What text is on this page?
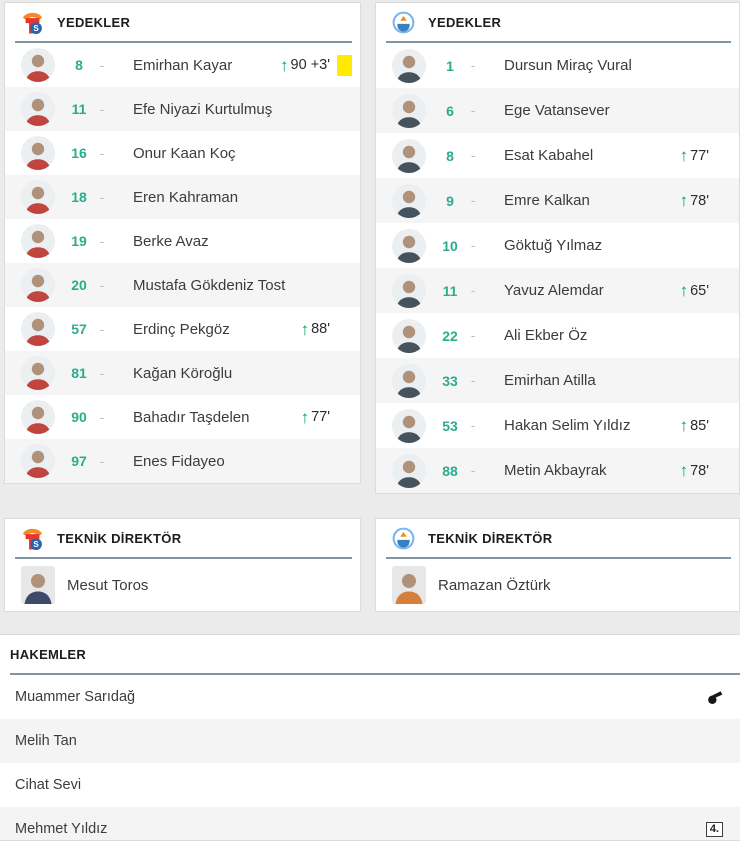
S YEDEKLER
8	- Emirhan Kayar	↑ 90 +3'
11	- Efe Niyazi Kurtulmuş
16	- Onur Kaan Koç
18	- Eren Kahraman
19	- Berke Avaz
20	- Mustafa Gökdeniz Tost
57	- Erdinç Pekgöz	↑ 88'
81	- Kağan Köroğlu
90	- Bahadır Taşdelen	↑ 77'
97	- Enes Fidayeo
YEDEKLER
1	- Dursun Miraç Vural
6	- Ege Vatansever
8	- Esat Kabahel	↑ 77'
9	- Emre Kalkan	↑ 78'
10	- Göktuğ Yılmaz
11	- Yavuz Alemdar	↑ 65'
22	- Ali Ekber Öz
33	- Emirhan Atilla
53	- Hakan Selim Yıldız	↑ 85'
88	- Metin Akbayrak	↑ 78'
S TEKNİK DİREKTÖR
Mesut Toros
TEKNİK DİREKTÖR
Ramazan Öztürk
HAKEMLER
Muammer Sarıdağ
Melih Tan
Cihat Sevi
Mehmet Yıldız	4.
